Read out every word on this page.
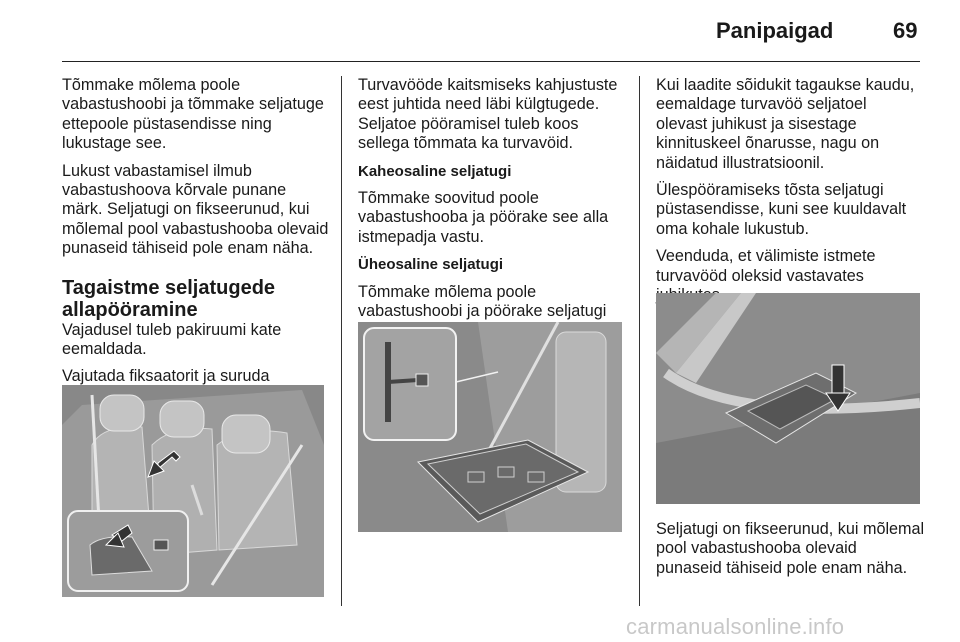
Panipaigad	69

Tõmmake mõlema poole vabastushoobi ja tõmmake seljatuge ettepoole püstasendisse ning lukustage see.

Lukust vabastamisel ilmub vabastushoova kõrvale punane märk. Seljatugi on fikseerunud, kui mõlemal pool vabastushooba olevaid punaseid tähiseid pole enam näha.

Tagaistme seljatugede allapööramine

Vajadusel tuleb pakiruumi kate eemaldada.

Vajutada fiksaatorit ja suruda

Turvavööde kaitsmiseks kahjustuste eest juhtida need läbi külgtugede. Seljatoe pööramisel tuleb koos sellega tõmmata ka turvavöid.

Kaheosaline seljatugi

Tõmmake soovitud poole vabastushooba ja pöörake see alla istmepadja vastu.

Üheosaline seljatugi

Tõmmake mõlema poole vabastushoobi ja pöörake seljatugi

Kui laadite sõidukit tagaukse kaudu, eemaldage turvavöö seljatoel olevast juhikust ja sisestage kinnituskeel õnarusse, nagu on näidatud illustratsioonil.

Ülespööramiseks tõsta seljatugi püstasendisse, kuni see kuuldavalt oma kohale lukustub.

Veenduda, et välimiste istmete turvavööd oleksid vastavates

Seljatugi on fikseerunud, kui mõlemal pool vabastushooba olevaid punaseid tähiseid pole enam näha.
carmanualsonline.info
